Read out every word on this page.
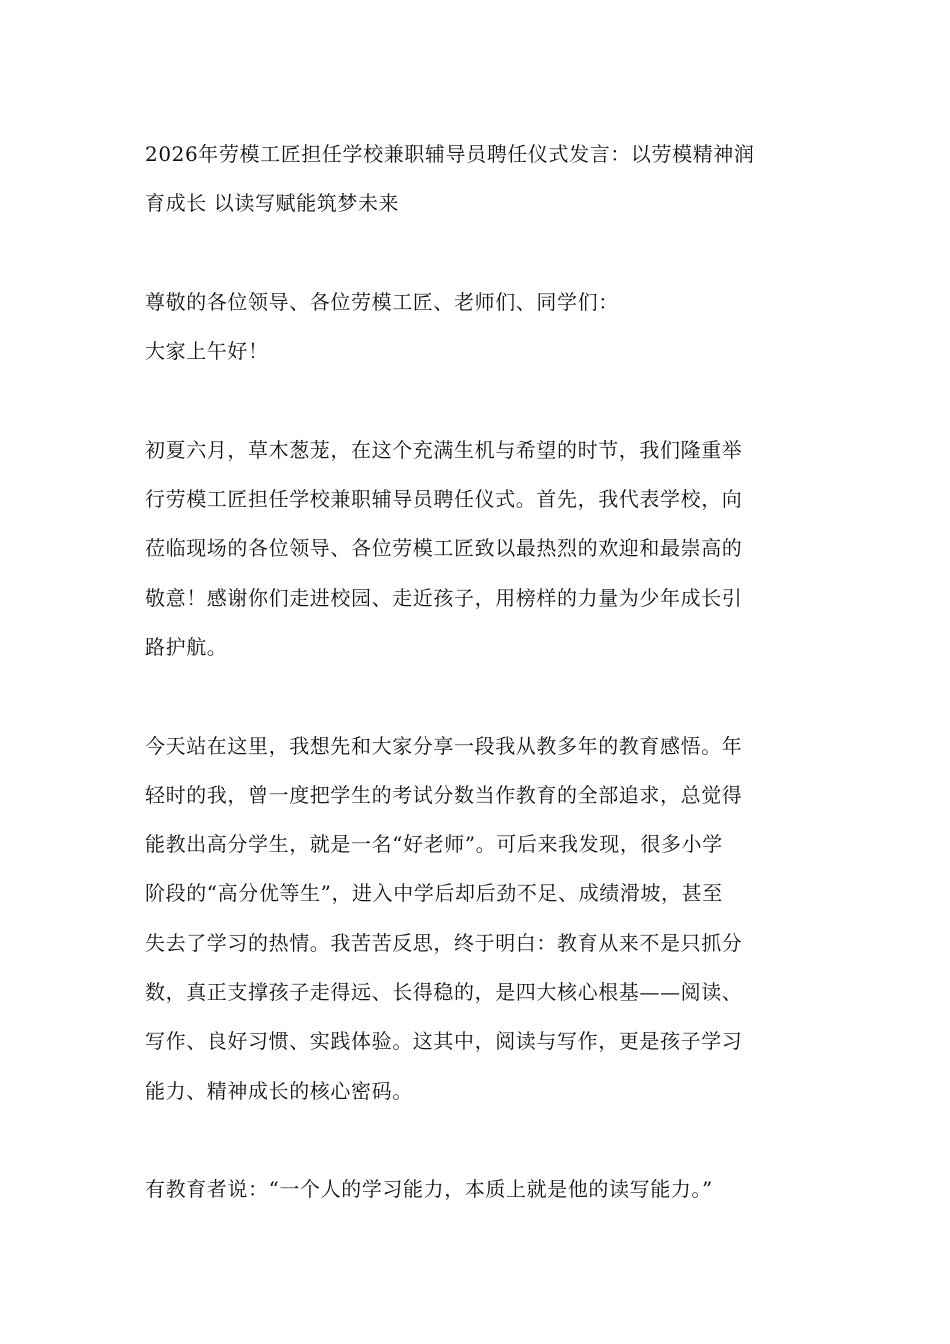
2026年劳模工匠担任学校兼职辅导员聘任仪式发言：以劳模精神润
育成长 以读写赋能筑梦未来
尊敬的各位领导、各位劳模工匠、老师们、同学们：
大家上午好！
初夏六月，草木葱茏，在这个充满生机与希望的时节，我们隆重举
行劳模工匠担任学校兼职辅导员聘任仪式。首先，我代表学校，向
莅临现场的各位领导、各位劳模工匠致以最热烈的欢迎和最崇高的
敬意！感谢你们走进校园、走近孩子，用榜样的力量为少年成长引
路护航。
今天站在这里，我想先和大家分享一段我从教多年的教育感悟。年
轻时的我，曾一度把学生的考试分数当作教育的全部追求，总觉得
能教出高分学生，就是一名“好老师”。可后来我发现，很多小学
阶段的“高分优等生”，进入中学后却后劲不足、成绩滑坡，甚至
失去了学习的热情。我苦苦反思，终于明白：教育从来不是只抓分
数，真正支撑孩子走得远、长得稳的，是四大核心根基——阅读、
写作、良好习惯、实践体验。这其中，阅读与写作，更是孩子学习
能力、精神成长的核心密码。
有教育者说：“一个人的学习能力，本质上就是他的读写能力。”
